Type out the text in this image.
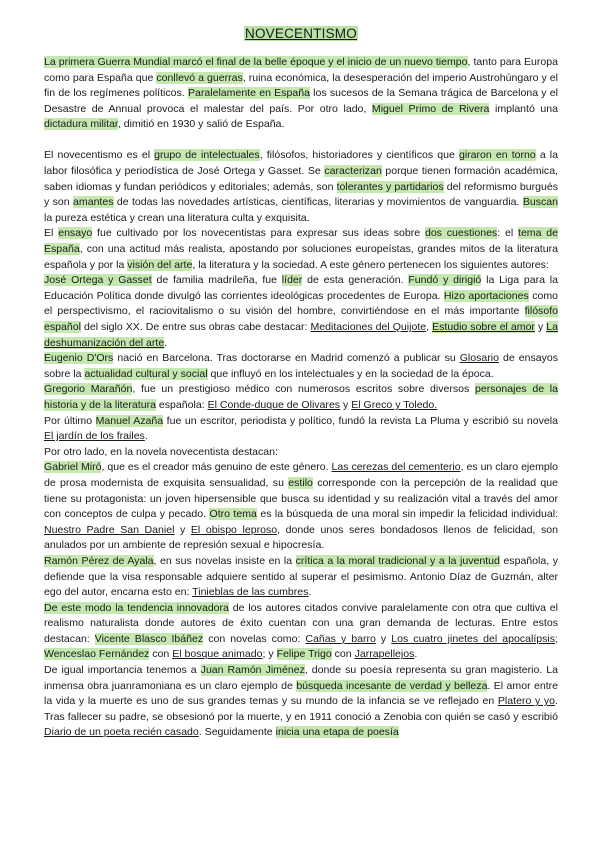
NOVECENTISMO

La primera Guerra Mundial marcó el final de la belle époque y el inicio de un nuevo tiempo, tanto para Europa como para España que conllevó a guerras, ruina económica, la desesperación del imperio Austrohúngaro y el fin de los regímenes políticos. Paralelamente en España los sucesos de la Semana trágica de Barcelona y el Desastre de Annual provoca el malestar del país. Por otro lado, Miguel Primo de Rivera implantó una dictadura militar, dimitió en 1930 y salió de España.

El novecentismo es el grupo de intelectuales, filósofos, historiadores y científicos que giraron en torno a la labor filosófica y periodística de José Ortega y Gasset. Se caracterizan porque tienen formación académica, saben idiomas y fundan periódicos y editoriales; además, son tolerantes y partidarios del reformismo burgués y son amantes de todas las novedades artísticas, científicas, literarias y movimientos de vanguardia. Buscan la pureza estética y crean una literatura culta y exquisita.

El ensayo fue cultivado por los novecentistas para expresar sus ideas sobre dos cuestiones: el tema de España, con una actitud más realista, apostando por soluciones europeístas, grandes mitos de la literatura española y por la visión del arte, la literatura y la sociedad. A este género pertenecen los siguientes autores:

José Ortega y Gasset de familia madrileña, fue líder de esta generación. Fundó y dirigió la Liga para la Educación Política donde divulgó las corrientes ideológicas procedentes de Europa. Hizo aportaciones como el perspectivismo, el raciovitalismo o su visión del hombre, convirtiéndose en el más importante filósofo español del siglo XX. De entre sus obras cabe destacar: Meditaciones del Quijote, Estudio sobre el amor y La deshumanización del arte.

Eugenio D'Ors nació en Barcelona. Tras doctorarse en Madrid comenzó a publicar su Glosario de ensayos sobre la actualidad cultural y social que influyó en los intelectuales y en la sociedad de la época.

Gregorio Marañón, fue un prestigioso médico con numerosos escritos sobre diversos personajes de la historia y de la literatura española: El Conde-duque de Olivares y El Greco y Toledo.

Por último Manuel Azaña fue un escritor, periodista y político, fundó la revista La Pluma y escribió su novela El jardín de los frailes.

Por otro lado, en la novela novecentista destacan:

Gabriel Miró, que es el creador más genuino de este género. Las cerezas del cementerio, es un claro ejemplo de prosa modernista de exquisita sensualidad, su estilo corresponde con la percepción de la realidad que tiene su protagonista: un joven hipersensible que busca su identidad y su realización vital a través del amor con conceptos de culpa y pecado. Otro tema es la búsqueda de una moral sin impedir la felicidad individual: Nuestro Padre San Daniel y El obispo leproso, donde unos seres bondadosos llenos de felicidad, son anulados por un ambiente de represión sexual e hipocresía.

Ramón Pérez de Ayala, en sus novelas insiste en la crítica a la moral tradicional y a la juventud española, y defiende que la visa responsable adquiere sentido al superar el pesimismo. Antonio Díaz de Guzmán, alter ego del autor, encarna esto en: Tinieblas de las cumbres.

De este modo la tendencia innovadora de los autores citados convive paralelamente con otra que cultiva el realismo naturalista donde autores de éxito cuentan con una gran demanda de lecturas. Entre estos destacan: Vicente Blasco Ibáñez con novelas como: Cañas y barro y Los cuatro jinetes del apocalípsis; Wenceslao Fernández con El bosque animado; y Felipe Trigo con Jarrapellejos.

De igual importancia tenemos a Juan Ramón Jiménez, donde su poesía representa su gran magisterio. La inmensa obra juanramoniana es un claro ejemplo de búsqueda incesante de verdad y belleza. El amor entre la vida y la muerte es uno de sus grandes temas y su mundo de la infancia se ve reflejado en Platero y yo. Tras fallecer su padre, se obsesionó por la muerte, y en 1911 conoció a Zenobia con quién se casó y escribió Diario de un poeta recién casado. Seguidamente inicia una etapa de poesía
